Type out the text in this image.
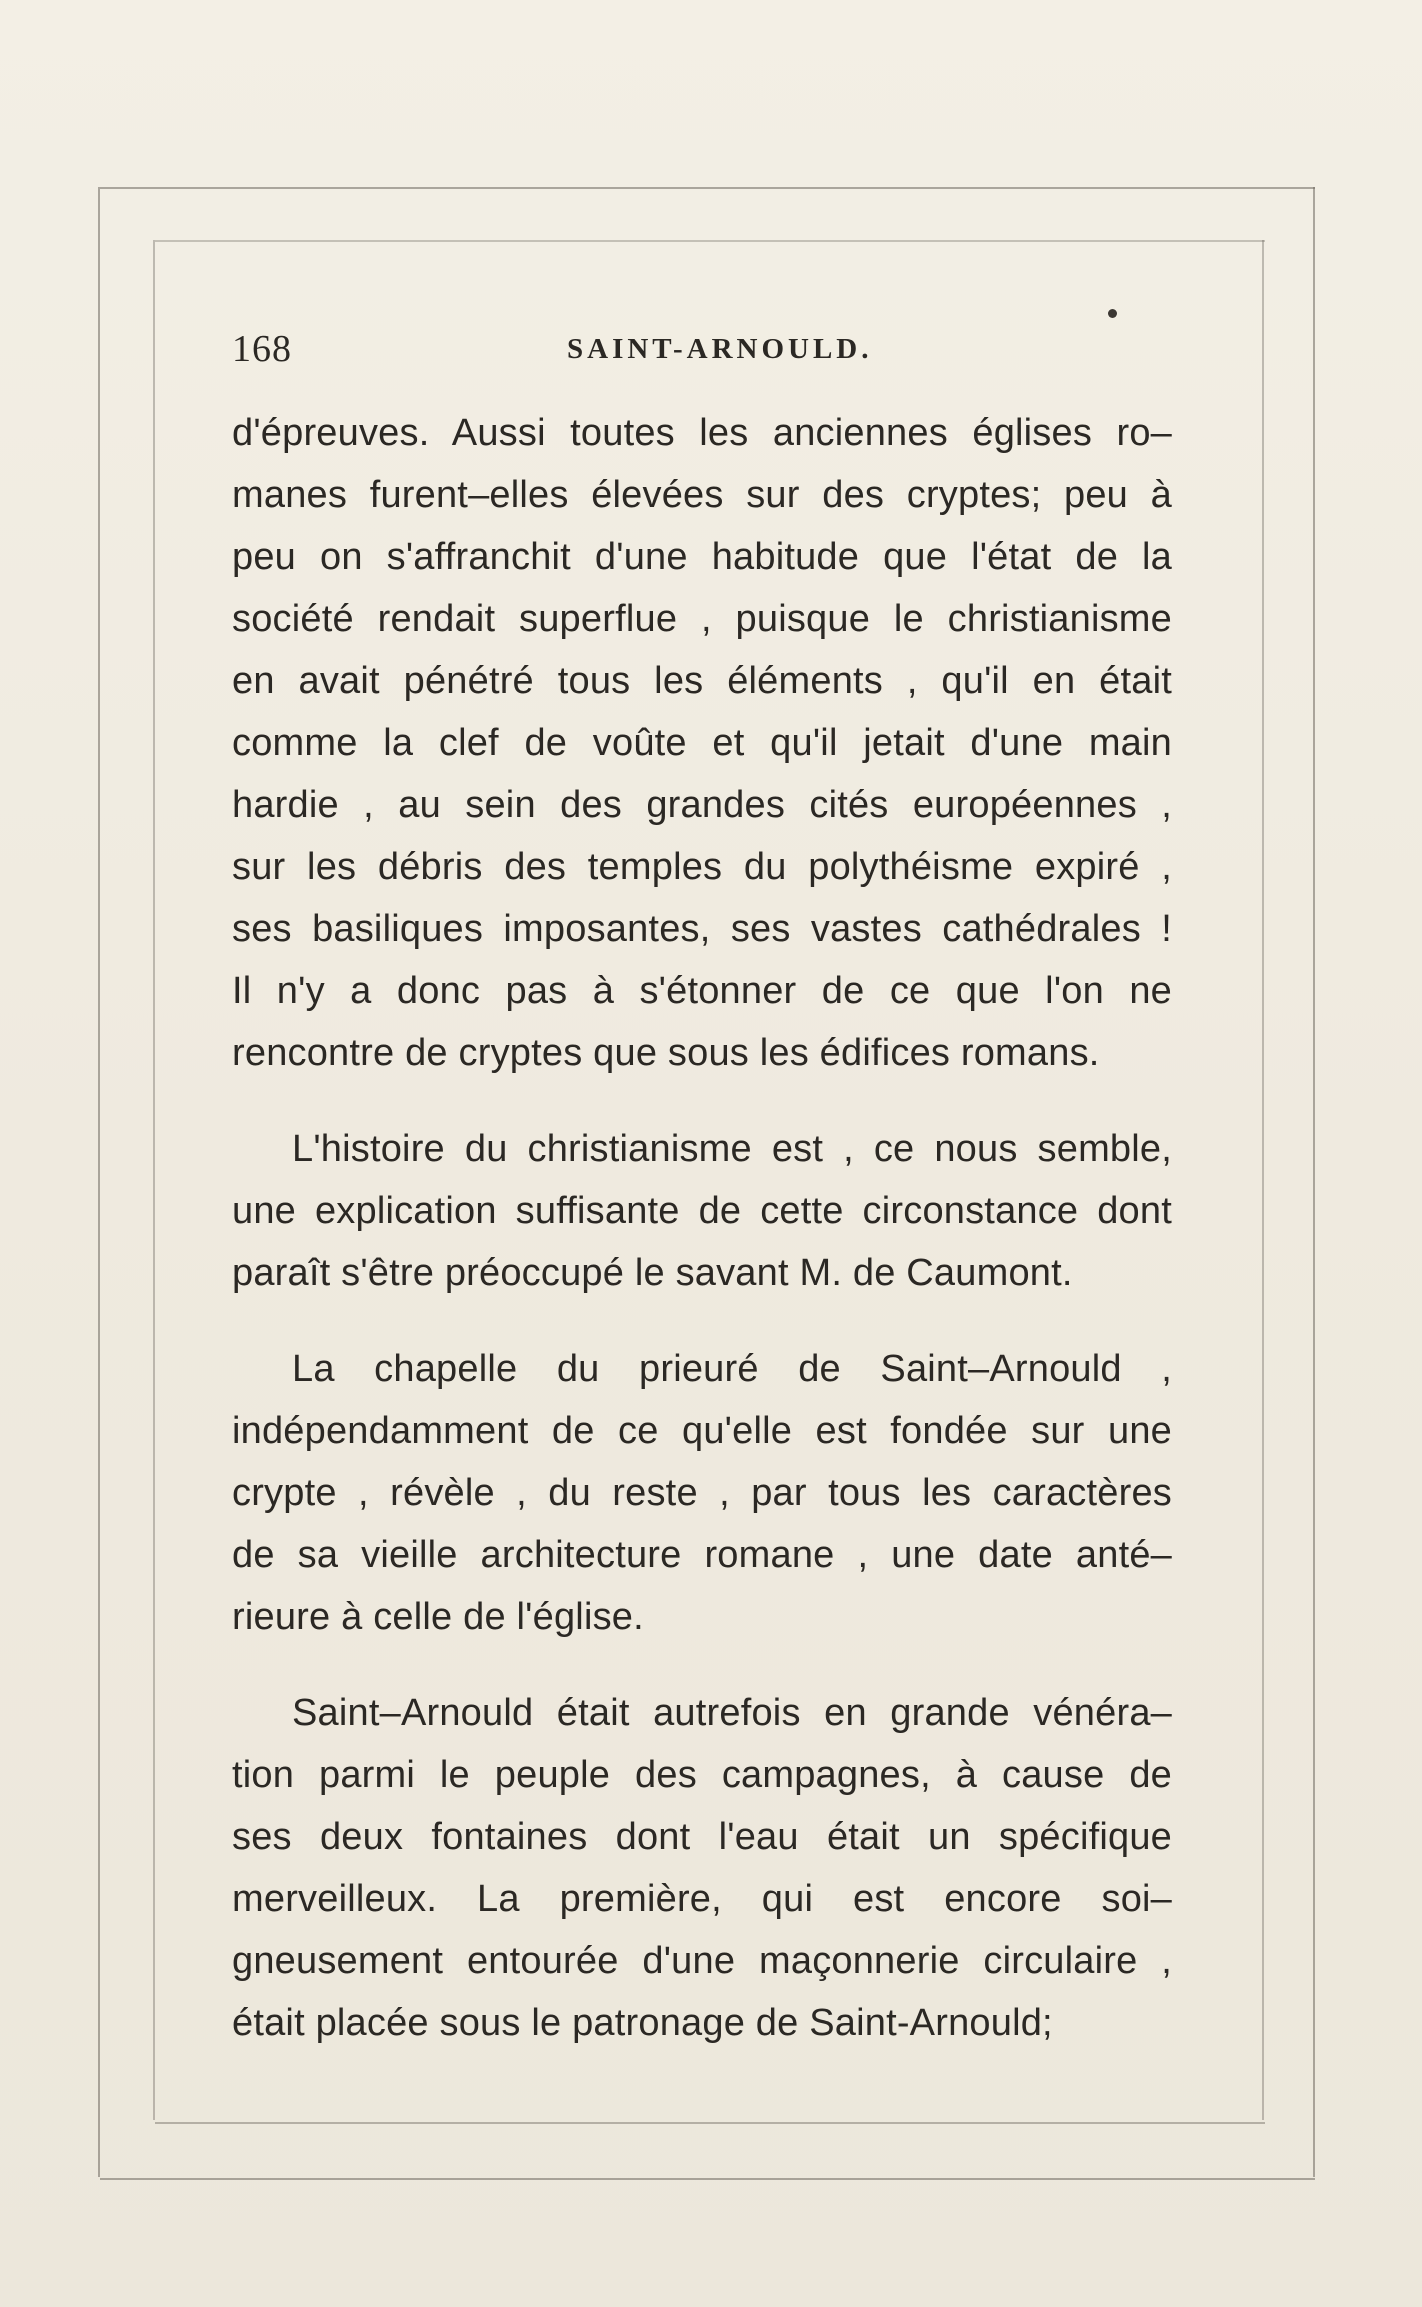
168	SAINT-ARNOULD.
d'épreuves. Aussi toutes les anciennes églises ro–
manes furent–elles élevées sur des cryptes; peu à
peu on s'affranchit d'une habitude que l'état de la
société rendait superflue , puisque le christianisme
en avait pénétré tous les éléments , qu'il en était
comme la clef de voûte et qu'il jetait d'une main
hardie , au sein des grandes cités européennes ,
sur les débris des temples du polythéisme expiré ,
ses basiliques imposantes, ses vastes cathédrales !
Il n'y a donc pas à s'étonner de ce que l'on ne
rencontre de cryptes que sous les édifices romans.
L'histoire du christianisme est , ce nous semble,
une explication suffisante de cette circonstance dont
paraît s'être préoccupé le savant M. de Caumont.
La chapelle du prieuré de Saint–Arnould ,
indépendamment de ce qu'elle est fondée sur une
crypte , révèle , du reste , par tous les caractères
de sa vieille architecture romane , une date anté–
rieure à celle de l'église.
Saint–Arnould était autrefois en grande vénéra–
tion parmi le peuple des campagnes, à cause de
ses deux fontaines dont l'eau était un spécifique
merveilleux. La première, qui est encore soi–
gneusement entourée d'une maçonnerie circulaire ,
était placée sous le patronage de Saint-Arnould;
